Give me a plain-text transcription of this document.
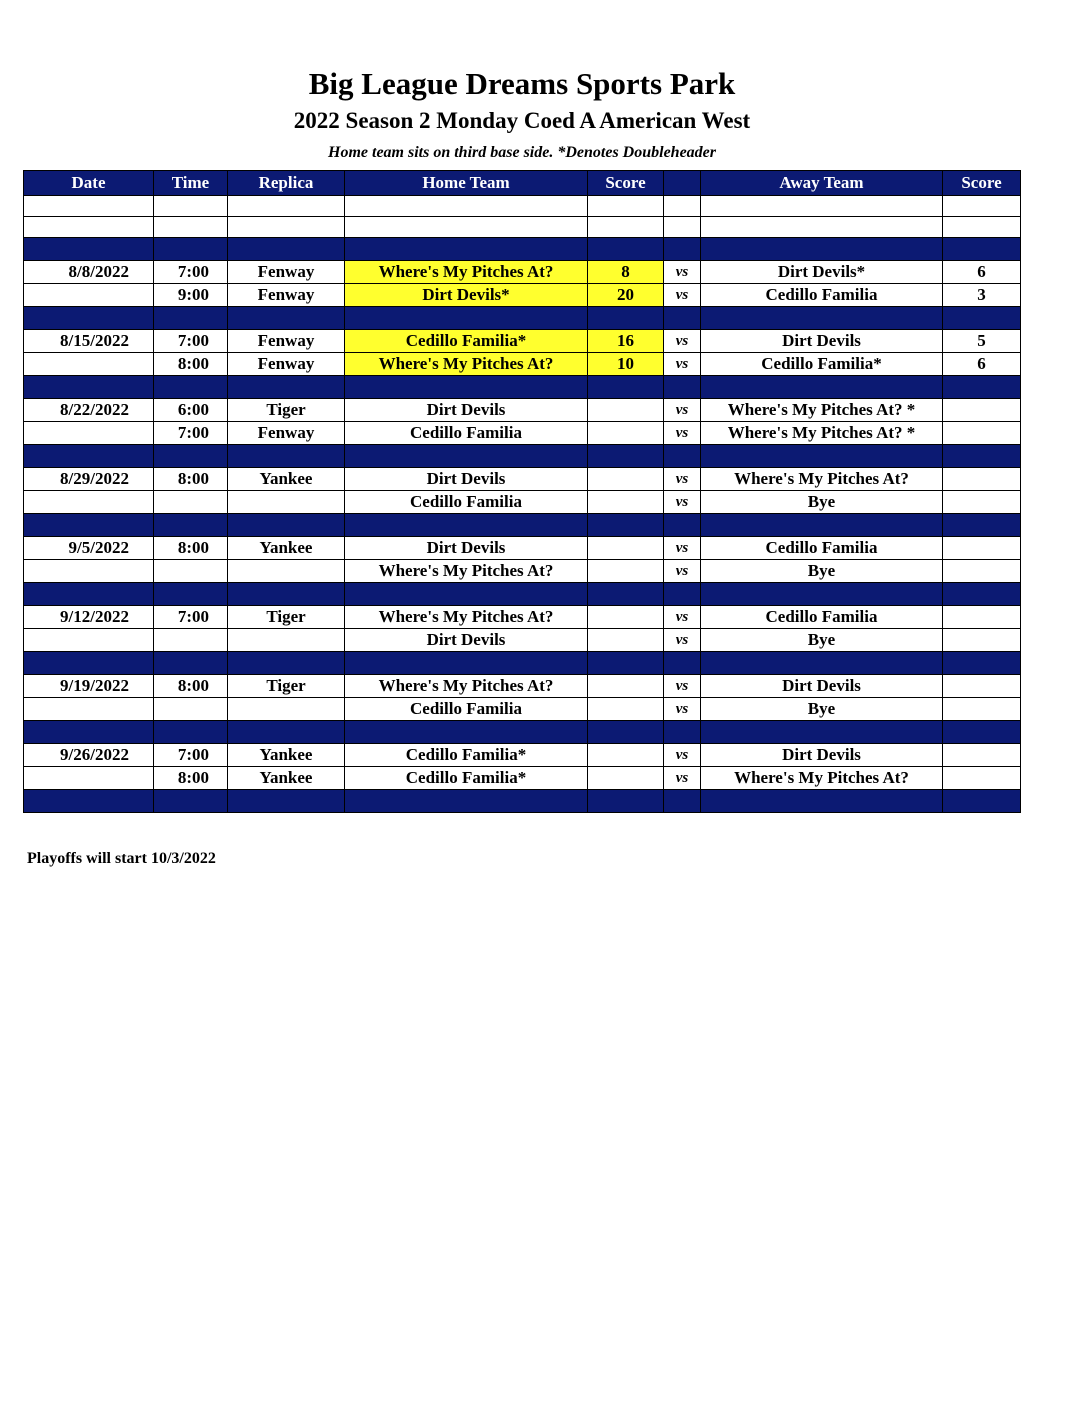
Big League Dreams Sports Park
2022 Season 2 Monday Coed A American West
Home team sits on third base side. *Denotes Doubleheader
Date	Time	Replica	Home Team	Score		Away Team	Score

8/8/2022	7:00	Fenway	Where's My Pitches At?	8	vs	Dirt Devils*	6
	9:00	Fenway	Dirt Devils*	20	vs	Cedillo Familia	3

8/15/2022	7:00	Fenway	Cedillo Familia*	16	vs	Dirt Devils	5
	8:00	Fenway	Where's My Pitches At?	10	vs	Cedillo Familia*	6

8/22/2022	6:00	Tiger	Dirt Devils		vs	Where's My Pitches At? *	
	7:00	Fenway	Cedillo Familia		vs	Where's My Pitches At? *	

8/29/2022	8:00	Yankee	Dirt Devils		vs	Where's My Pitches At?	
			Cedillo Familia		vs	Bye	

9/5/2022	8:00	Yankee	Dirt Devils		vs	Cedillo Familia	
			Where's My Pitches At?		vs	Bye	

9/12/2022	7:00	Tiger	Where's My Pitches At?		vs	Cedillo Familia	
			Dirt Devils		vs	Bye	

9/19/2022	8:00	Tiger	Where's My Pitches At?		vs	Dirt Devils	
			Cedillo Familia		vs	Bye	

9/26/2022	7:00	Yankee	Cedillo Familia*		vs	Dirt Devils	
	8:00	Yankee	Cedillo Familia*		vs	Where's My Pitches At?	

Playoffs will start 10/3/2022
